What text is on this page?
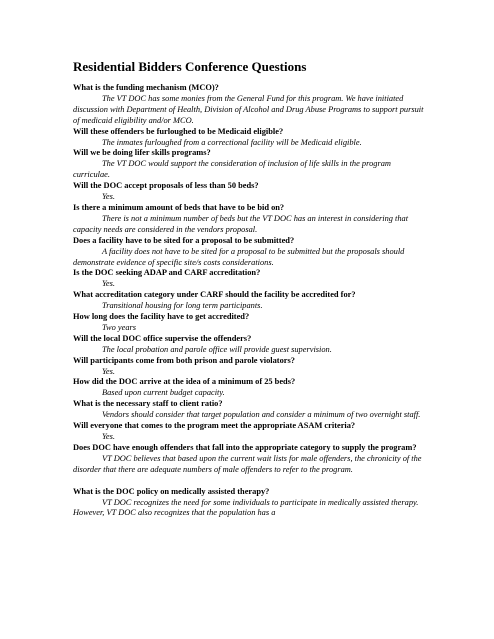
Residential Bidders Conference Questions

What is the funding mechanism (MCO)?

The VT DOC has some monies from the General Fund for this program. We have initiated discussion with Department of Health, Division of Alcohol and Drug Abuse Programs to support pursuit of medicaid eligibility and/or MCO.

Will these offenders be furloughed to be Medicaid eligible?

The inmates furloughed from a correctional facility will be Medicaid eligible.

Will we be doing lifer skills programs?

The VT DOC would support the consideration of inclusion of life skills in the program curriculae.

Will the DOC accept proposals of less than 50 beds?

Yes.

Is there a minimum amount of beds that have to be bid on?

There is not a minimum number of beds but the VT DOC has an interest in considering that capacity needs are considered in the vendors proposal.

Does a facility have to be sited for a proposal to be submitted?

A facility does not have to be sited for a proposal to be submitted but the proposals should demonstrate evidence of specific site/s costs considerations.

Is the DOC seeking ADAP and CARF accreditation?

Yes.

What accreditation category under CARF should the facility be accredited for?

Transitional housing for long term participants.

How long does the facility have to get accredited?

Two years

Will the local DOC office supervise the offenders?

The local probation and parole office will provide guest supervision.

Will participants come from both prison and parole violators?

Yes.

How did the DOC arrive at the idea of a minimum of 25 beds?

Based upon current budget capacity.

What is the necessary staff to client ratio?

Vendors should consider that target population and consider a minimum of two overnight staff.

Will everyone that comes to the program meet the appropriate ASAM criteria?

Yes.

Does DOC have enough offenders that fall into the appropriate category to supply the program?

VT DOC believes that based upon the current wait lists for male offenders, the chronicity of the disorder that there are adequate numbers of male offenders to refer to the program.

What is the DOC policy on medically assisted therapy?

VT DOC recognizes the need for some individuals to participate in medically assisted therapy. However, VT DOC also recognizes that the population has a
